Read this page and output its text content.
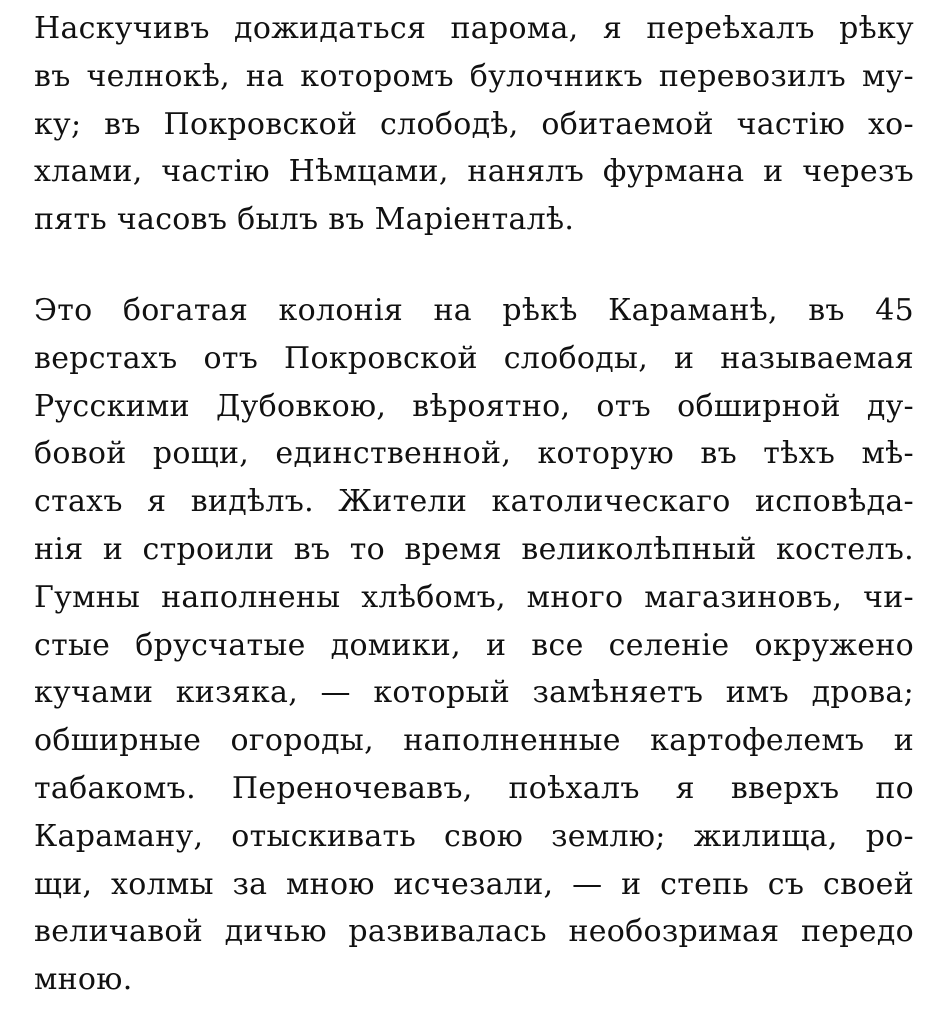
Наскучивъ дожидаться парома, я переѣхалъ рѣку
въ челнокѣ, на которомъ булочникъ перевозилъ му-
ку; въ Покровской слободѣ, обитаемой частію хо-
хлами, частію Нѣмцами, нанялъ фурмана и черезъ
пять часовъ былъ въ Маріенталѣ.
Это богатая колонія на рѣкѣ Караманѣ, въ 45
верстахъ отъ Покровской слободы, и называемая
Русскими Дубовкою, вѣроятно, отъ обширной ду-
бовой рощи, единственной, которую въ тѣхъ мѣ-
стахъ я видѣлъ. Жители католическаго исповѣда-
нія и строили въ то время великолѣпный костелъ.
Гумны наполнены хлѣбомъ, много магазиновъ, чи-
стые брусчатые домики, и все селеніе окружено
кучами кизяка, — который замѣняетъ имъ дрова;
обширные огороды, наполненные картофелемъ и
табакомъ. Переночевавъ, поѣхалъ я вверхъ по
Караману, отыскивать свою землю; жилища, ро-
щи, холмы за мною исчезали, — и степь съ своей
величавой дичью развивалась необозримая передо
мною.
